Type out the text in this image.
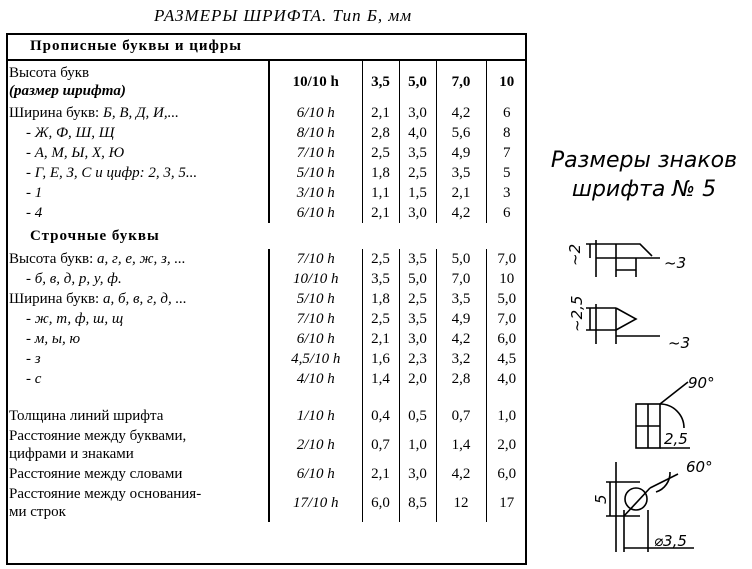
РАЗМЕРЫ ШРИФТА. Тип Б, мм
Прописные буквы и цифры					
Высота букв
(размер шрифта)	10/10 h	3,5	5,0	7,0	10
Ширина букв: Б, В, Д, И,...	6/10 h	2,1	3,0	4,2	6
- Ж, Ф, Ш, Щ	8/10 h	2,8	4,0	5,6	8
- А, М, Ы, Х, Ю	7/10 h	2,5	3,5	4,9	7
- Г, Е, З, С и цифр: 2, 3, 5...	5/10 h	1,8	2,5	3,5	5
- 1	3/10 h	1,1	1,5	2,1	3
- 4	6/10 h	2,1	3,0	4,2	6
Строчные буквы					
Высота букв: а, г, е, ж, з, ...	7/10 h	2,5	3,5	5,0	7,0
- б, в, д, р, у, ф.	10/10 h	3,5	5,0	7,0	10
Ширина букв: а, б, в, г, д, ...	5/10 h	1,8	2,5	3,5	5,0
- ж, т, ф, ш, щ	7/10 h	2,5	3,5	4,9	7,0
- м, ы, ю	6/10 h	2,1	3,0	4,2	6,0
- з	4,5/10 h	1,6	2,3	3,2	4,5
- с	4/10 h	1,4	2,0	2,8	4,0

Толщина линий шрифта	1/10 h	0,4	0,5	0,7	1,0

Расстояние между буквами,
цифрами и знаками	2/10 h	0,7	1,0	1,4	2,0
Расстояние между словами	6/10 h	2,1	3,0	4,2	6,0

Расстояние между основания-
ми строк	17/10 h	6,0	8,5	12	17
Размеры знаков
шрифта № 5
~2	~3
~2,5
~3
90°
2,5
60°
5
⌀3,5
